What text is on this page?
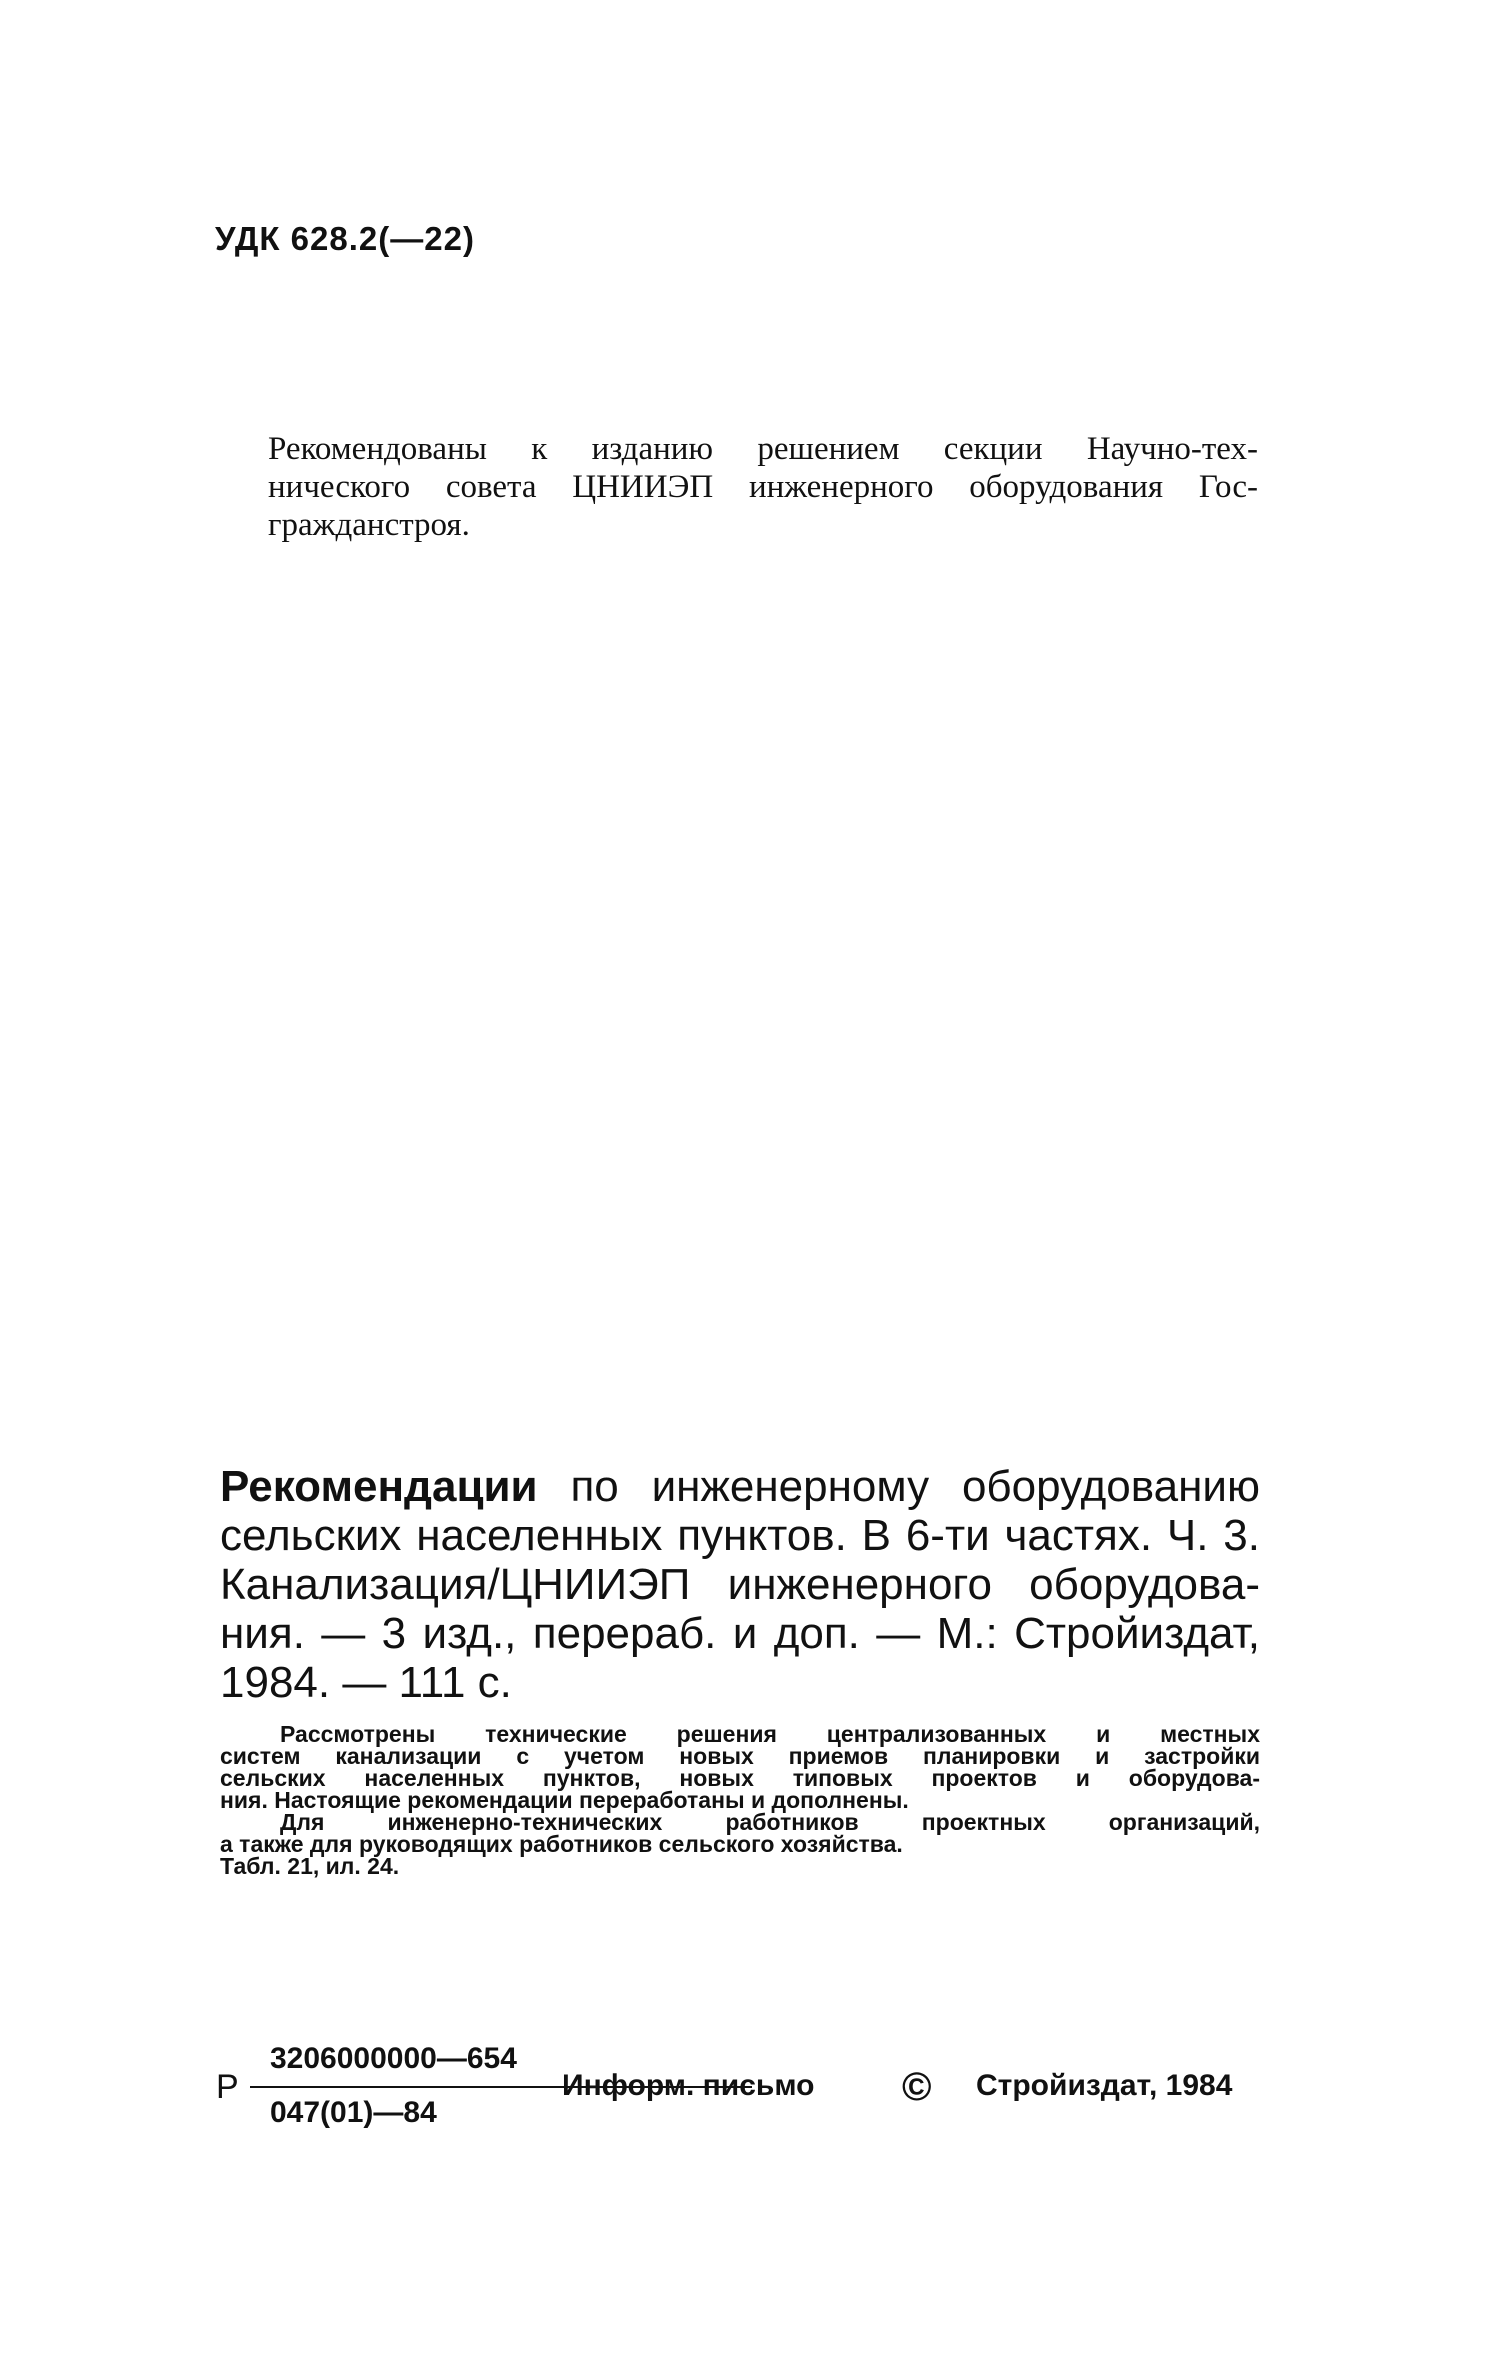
УДК 628.2(—22)
Рекомендованы к изданию решением секции Научно-тех-
нического совета ЦНИИЭП инженерного оборудования Гос-
гражданстроя.
Рекомендации по инженерному оборудованию
сельских населенных пунктов. В 6-ти частях. Ч. 3.
Канализация/ЦНИИЭП инженерного оборудова-
ния. — 3 изд., перераб. и доп. — М.: Стройиздат,
1984. — 111 с.
Рассмотрены технические решения централизованных и местных
систем канализации с учетом новых приемов планировки и застройки
сельских населенных пунктов, новых типовых проектов и оборудова-
ния. Настоящие рекомендации переработаны и дополнены.
Для инженерно-технических работников проектных организаций,
а также для руководящих работников сельского хозяйства.
Табл. 21, ил. 24.
Р
3206000000—654
047(01)—84
Информ. письмо © Стройиздат, 1984
